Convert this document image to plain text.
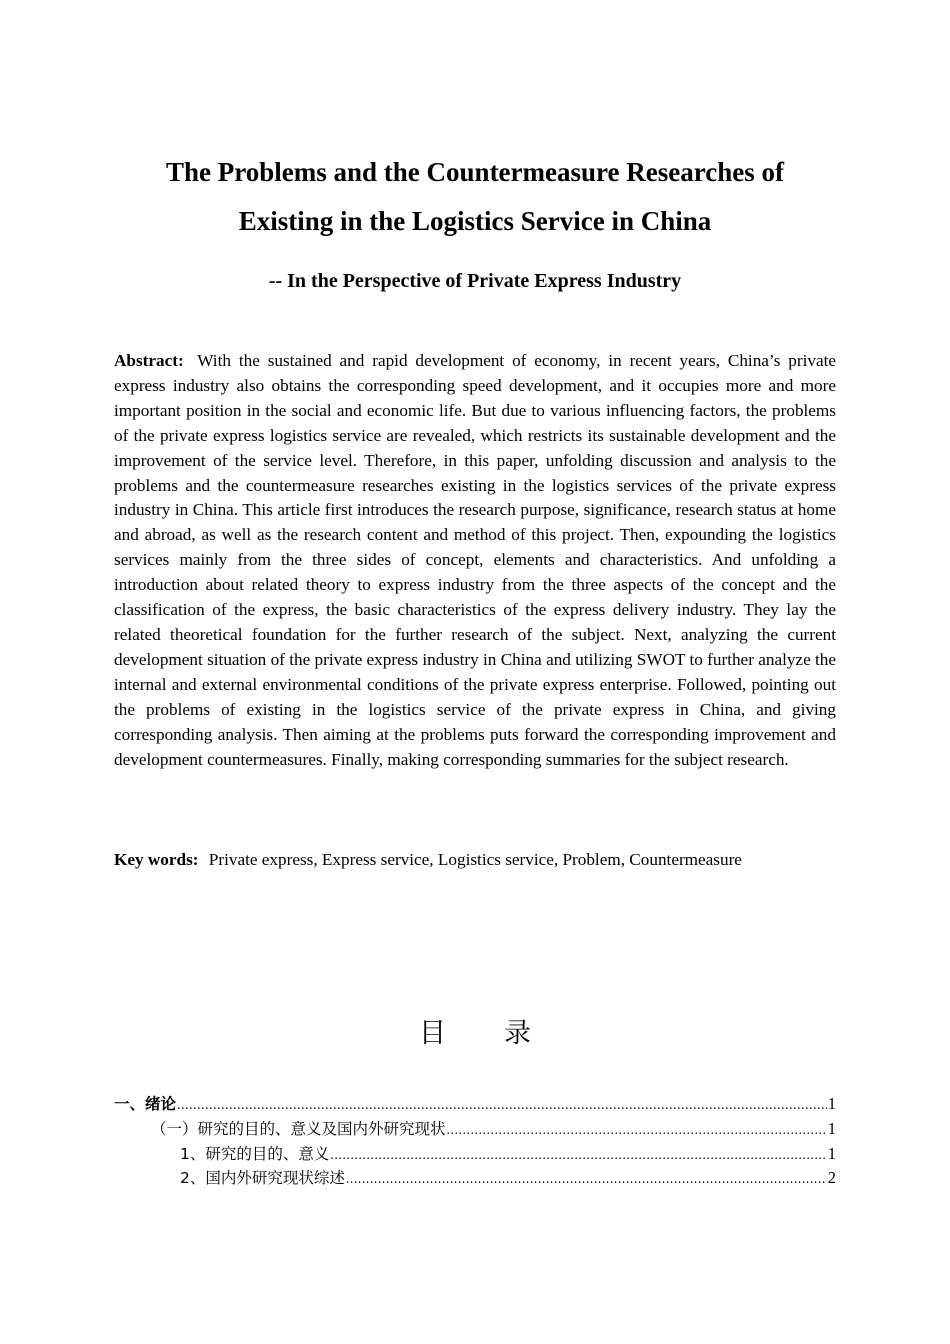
The Problems and the Countermeasure Researches of
Existing in the Logistics Service in China
-- In the Perspective of Private Express Industry
Abstract: With the sustained and rapid development of economy, in recent years, China’s private express industry also obtains the corresponding speed development, and it occupies more and more important position in the social and economic life. But due to various influencing factors, the problems of the private express logistics service are revealed, which restricts its sustainable development and the improvement of the service level. Therefore, in this paper, unfolding discussion and analysis to the problems and the countermeasure researches existing in the logistics services of the private express industry in China. This article first introduces the research purpose, significance, research status at home and abroad, as well as the research content and method of this project. Then, expounding the logistics services mainly from the three sides of concept, elements and characteristics. And unfolding a introduction about related theory to express industry from the three aspects of the concept and the classification of the express, the basic characteristics of the express delivery industry. They lay the related theoretical foundation for the further research of the subject. Next, analyzing the current development situation of the private express industry in China and utilizing SWOT to further analyze the internal and external environmental conditions of the private express enterprise. Followed, pointing out the problems of existing in the logistics service of the private express in China, and giving corresponding analysis. Then aiming at the problems puts forward the corresponding improvement and development countermeasures. Finally, making corresponding summaries for the subject research.
Key words: Private express, Express service, Logistics service, Problem, Countermeasure
目录
一、绪论 .....	1
（一）研究的目的、意义及国内外研究现状 .....	1
1、研究的目的、意义 .....	1
2、国内外研究现状综述 .....	2
